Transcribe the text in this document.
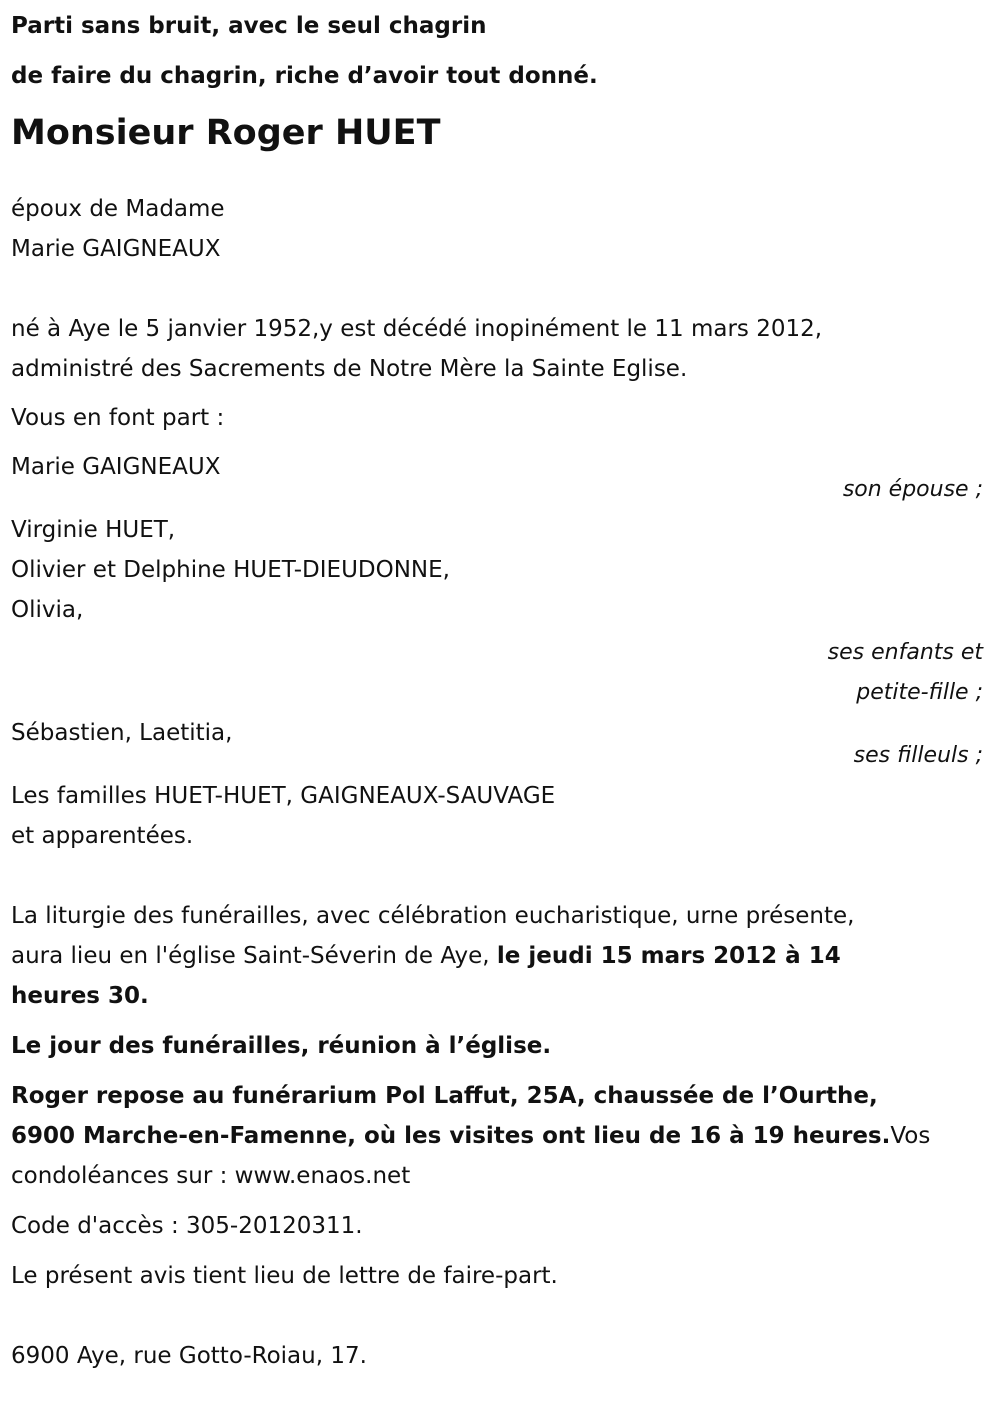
Parti sans bruit, avec le seul chagrin
de faire du chagrin, riche d’avoir tout donné.
Monsieur Roger HUET
époux de Madame
Marie GAIGNEAUX
né à Aye le 5 janvier 1952,y est décédé inopinément le 11 mars 2012,
administré des Sacrements de Notre Mère la Sainte Eglise.
Vous en font part :
Marie GAIGNEAUX
son épouse ;
Virginie HUET,
Olivier et Delphine HUET-DIEUDONNE,
Olivia,
ses enfants et
petite-fille ;
Sébastien, Laetitia,
ses filleuls ;
Les familles HUET-HUET, GAIGNEAUX-SAUVAGE
et apparentées.
La liturgie des funérailles, avec célébration eucharistique, urne présente,
aura lieu en l'église Saint-Séverin de Aye, le jeudi 15 mars 2012 à 14
heures 30.
Le jour des funérailles, réunion à l’église.
Roger repose au funérarium Pol Laffut, 25A, chaussée de l’Ourthe,
6900 Marche-en-Famenne, où les visites ont lieu de 16 à 19 heures.Vos
condoléances sur : www.enaos.net
Code d'accès : 305-20120311.
Le présent avis tient lieu de lettre de faire-part.
6900 Aye, rue Gotto-Roiau, 17.
